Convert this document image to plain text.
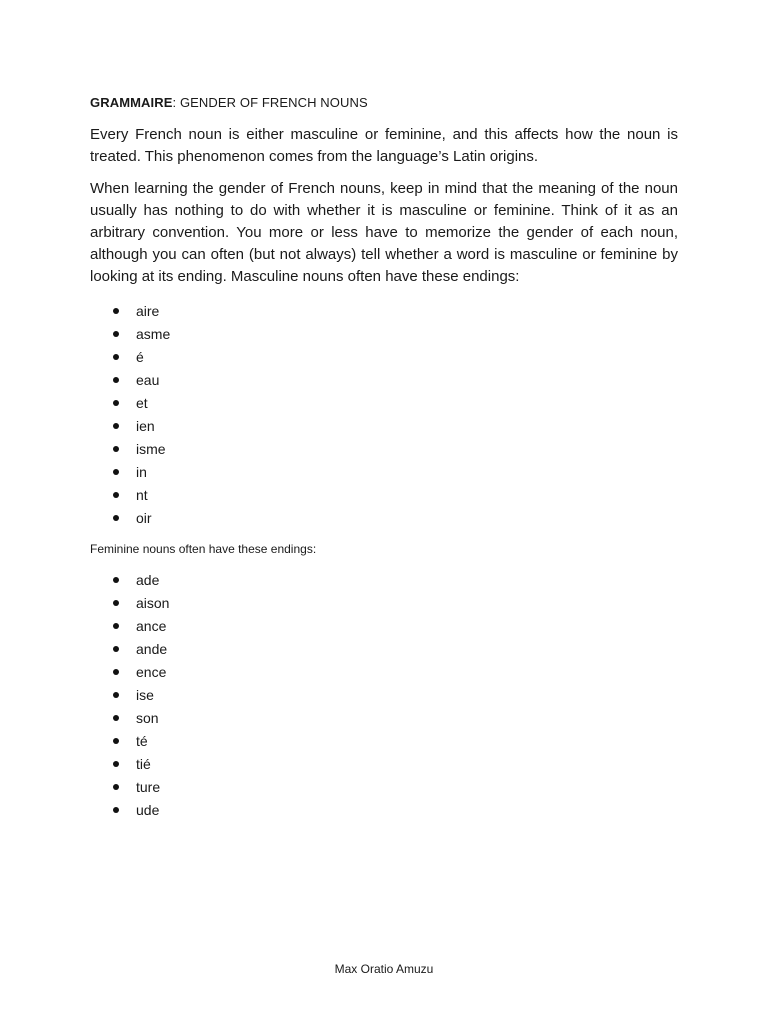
GRAMMAIRE: GENDER OF FRENCH NOUNS

Every French noun is either masculine or feminine, and this affects how the noun is treated. This phenomenon comes from the language’s Latin origins.

When learning the gender of French nouns, keep in mind that the meaning of the noun usually has nothing to do with whether it is masculine or feminine. Think of it as an arbitrary convention. You more or less have to memorize the gender of each noun, although you can often (but not always) tell whether a word is masculine or feminine by looking at its ending. Masculine nouns often have these endings:

aire
asme
é
eau
et
ien
isme
in
nt
oir

Feminine nouns often have these endings:

ade
aison
ance
ande
ence
ise
son
té
tié
ture
ude

Max Oratio Amuzu
